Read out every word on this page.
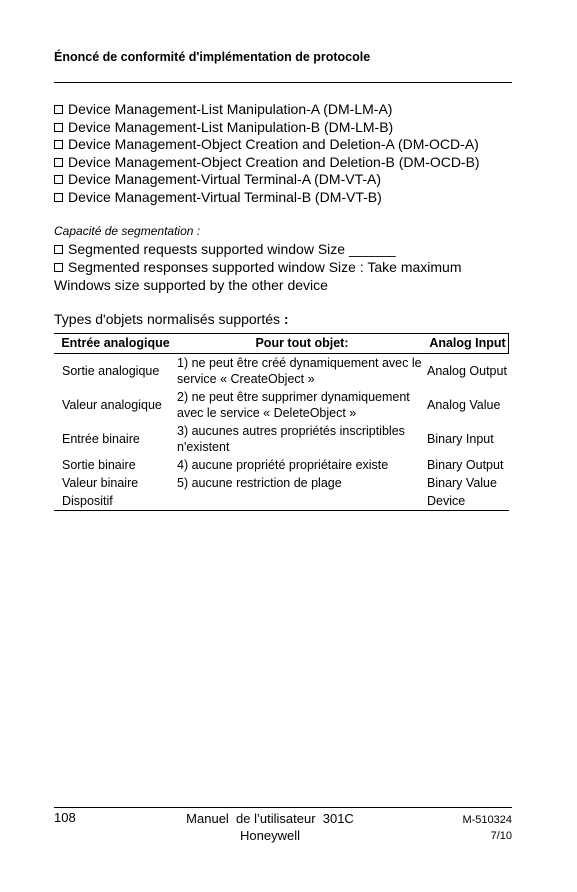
Énoncé de conformité d'implémentation de protocole
Device Management-List Manipulation-A (DM-LM-A)
Device Management-List Manipulation-B (DM-LM-B)
Device Management-Object Creation and Deletion-A (DM-OCD-A)
Device Management-Object Creation and Deletion-B (DM-OCD-B)
Device Management-Virtual Terminal-A (DM-VT-A)
Device Management-Virtual Terminal-B (DM-VT-B)
Capacité de segmentation :
Segmented requests supported window Size ______
Segmented responses supported window Size : Take maximum
Windows size supported by the other device
Types d'objets normalisés supportés :
Entrée analogique	Pour tout objet:	Analog Input
Sortie analogique	1) ne peut être créé dynamiquement avec le service « CreateObject »	Analog Output
Valeur analogique	2) ne peut être supprimer dynamiquement avec le service « DeleteObject »	Analog Value
Entrée binaire	3) aucunes autres propriétés inscriptibles n'existent	Binary Input
Sortie binaire	4) aucune propriété propriétaire existe	Binary Output
Valeur binaire	5) aucune restriction de plage	Binary Value
Dispositif		Device
108	Manuel  de l’utilisateur  301C
Honeywell
M-510324
7/10
